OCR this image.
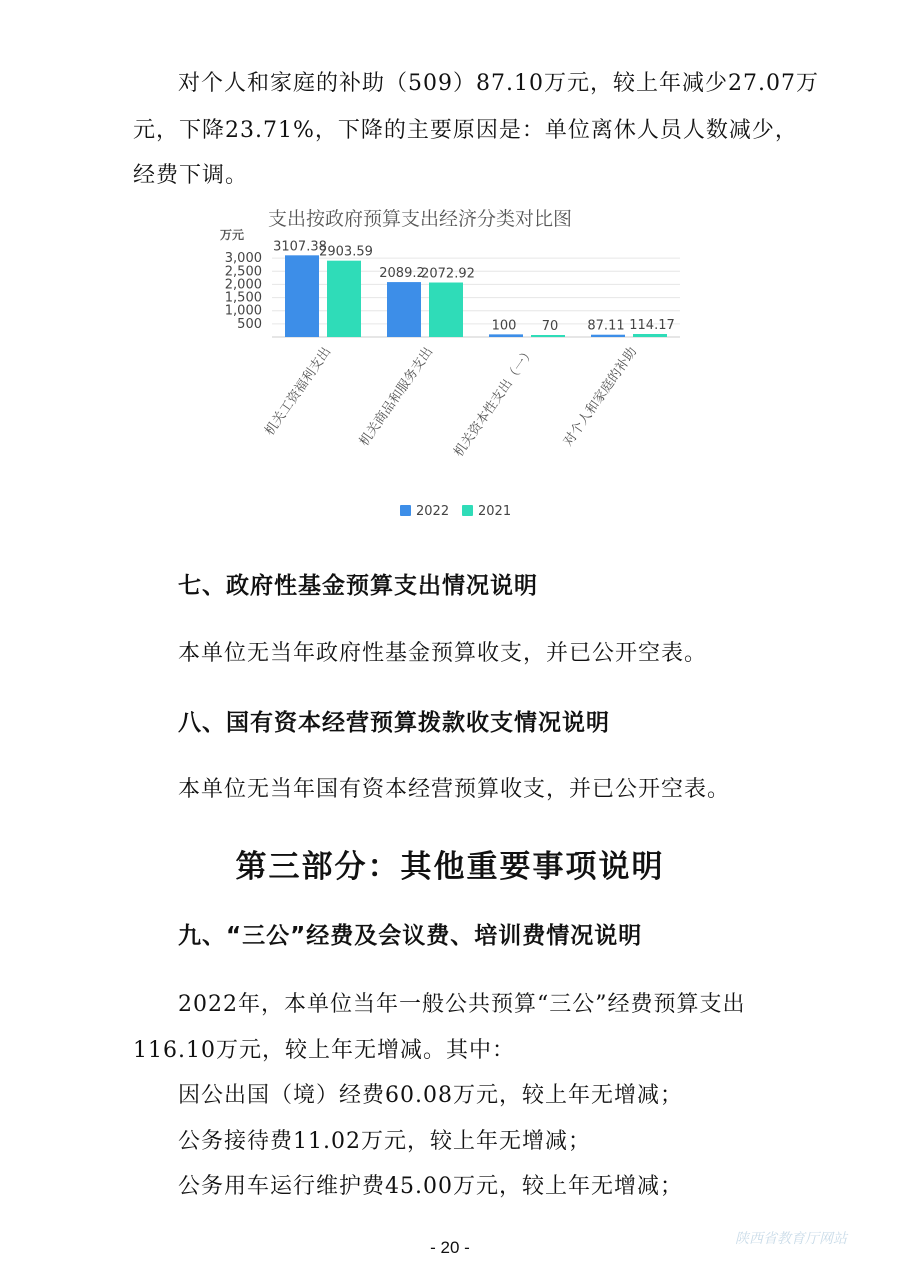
对个人和家庭的补助（509）87.10万元，较上年减少27.07万
元，下降23.71%，下降的主要原因是：单位离休人员人数减少，
经费下调。
支出按政府预算支出经济分类对比图
万元
500
1,000
1,500
2,000
2,500
3,000
3107.38
2903.59
2089.2
2072.92
100 70 87.11 114.17
机关工资福利支出 机关商品和服务支出 机关资本性支出（一） 对个人和家庭的补助
2022 2021
七、政府性基金预算支出情况说明
本单位无当年政府性基金预算收支，并已公开空表。
八、国有资本经营预算拨款收支情况说明
本单位无当年国有资本经营预算收支，并已公开空表。
第三部分：其他重要事项说明
九、“三公”经费及会议费、培训费情况说明
2022年，本单位当年一般公共预算“三公”经费预算支出
116.10万元，较上年无增减。其中：
因公出国（境）经费60.08万元，较上年无增减；
公务接待费11.02万元，较上年无增减；
公务用车运行维护费45.00万元，较上年无增减；
- 20 -	陕西省教育厅网站
